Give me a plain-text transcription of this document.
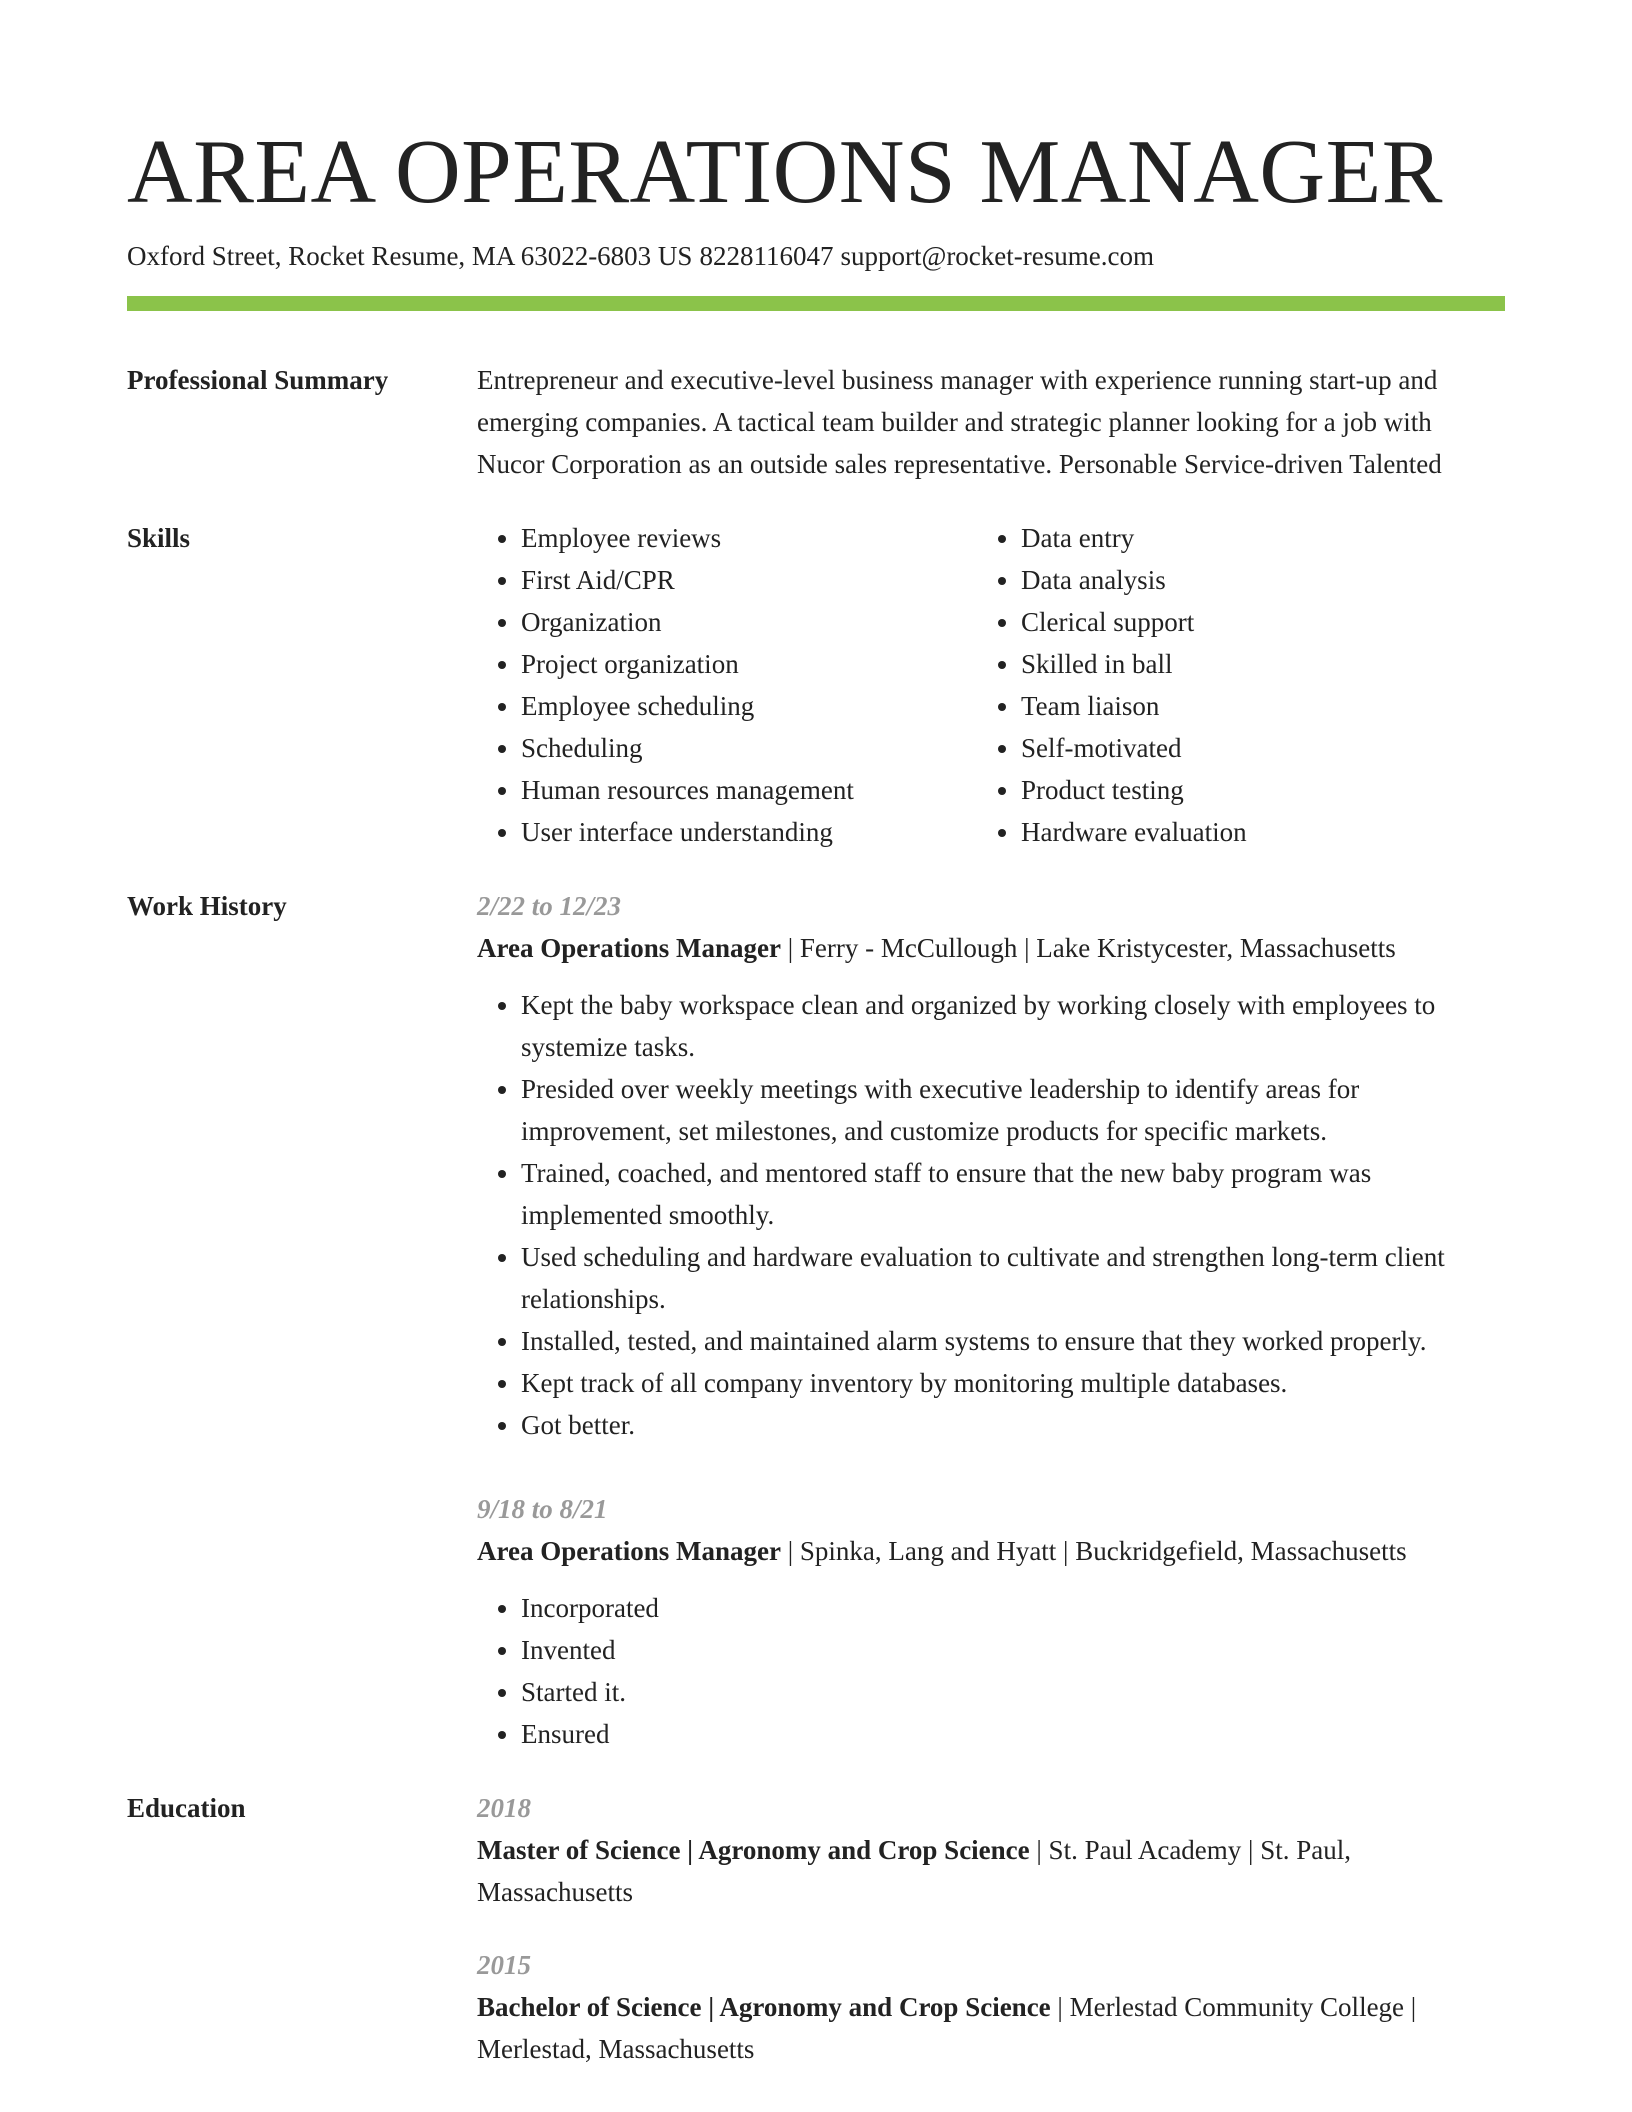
AREA OPERATIONS MANAGER
Oxford Street, Rocket Resume, MA 63022-6803 US 8228116047 support@rocket-resume.com
Professional Summary	Entrepreneur and executive-level business manager with experience running start-up and emerging companies. A tactical team builder and strategic planner looking for a job with Nucor Corporation as an outside sales representative. Personable Service-driven Talented
Skills
•	Employee reviews
• First Aid/CPR
• Organization
• Project organization
• Employee scheduling
• Scheduling
• Human resources management
• User interface understanding
• Data entry
• Data analysis
• Clerical support
• Skilled in ball
• Team liaison
• Self-motivated
• Product testing
• Hardware evaluation
Work History	2/22 to 12/23
Area Operations Manager | Ferry - McCullough | Lake Kristycester, Massachusetts
• Kept the baby workspace clean and organized by working closely with employees to systemize tasks.
• Presided over weekly meetings with executive leadership to identify areas for improvement, set milestones, and customize products for specific markets.
• Trained, coached, and mentored staff to ensure that the new baby program was implemented smoothly.
• Used scheduling and hardware evaluation to cultivate and strengthen long-term client relationships.
• Installed, tested, and maintained alarm systems to ensure that they worked properly.
• Kept track of all company inventory by monitoring multiple databases.
• Got better.
9/18 to 8/21
Area Operations Manager | Spinka, Lang and Hyatt | Buckridgefield, Massachusetts
• Incorporated
• Invented
• Started it.
• Ensured
Education	2018
Master of Science | Agronomy and Crop Science | St. Paul Academy | St. Paul, Massachusetts
2015
Bachelor of Science | Agronomy and Crop Science | Merlestad Community College | Merlestad, Massachusetts
